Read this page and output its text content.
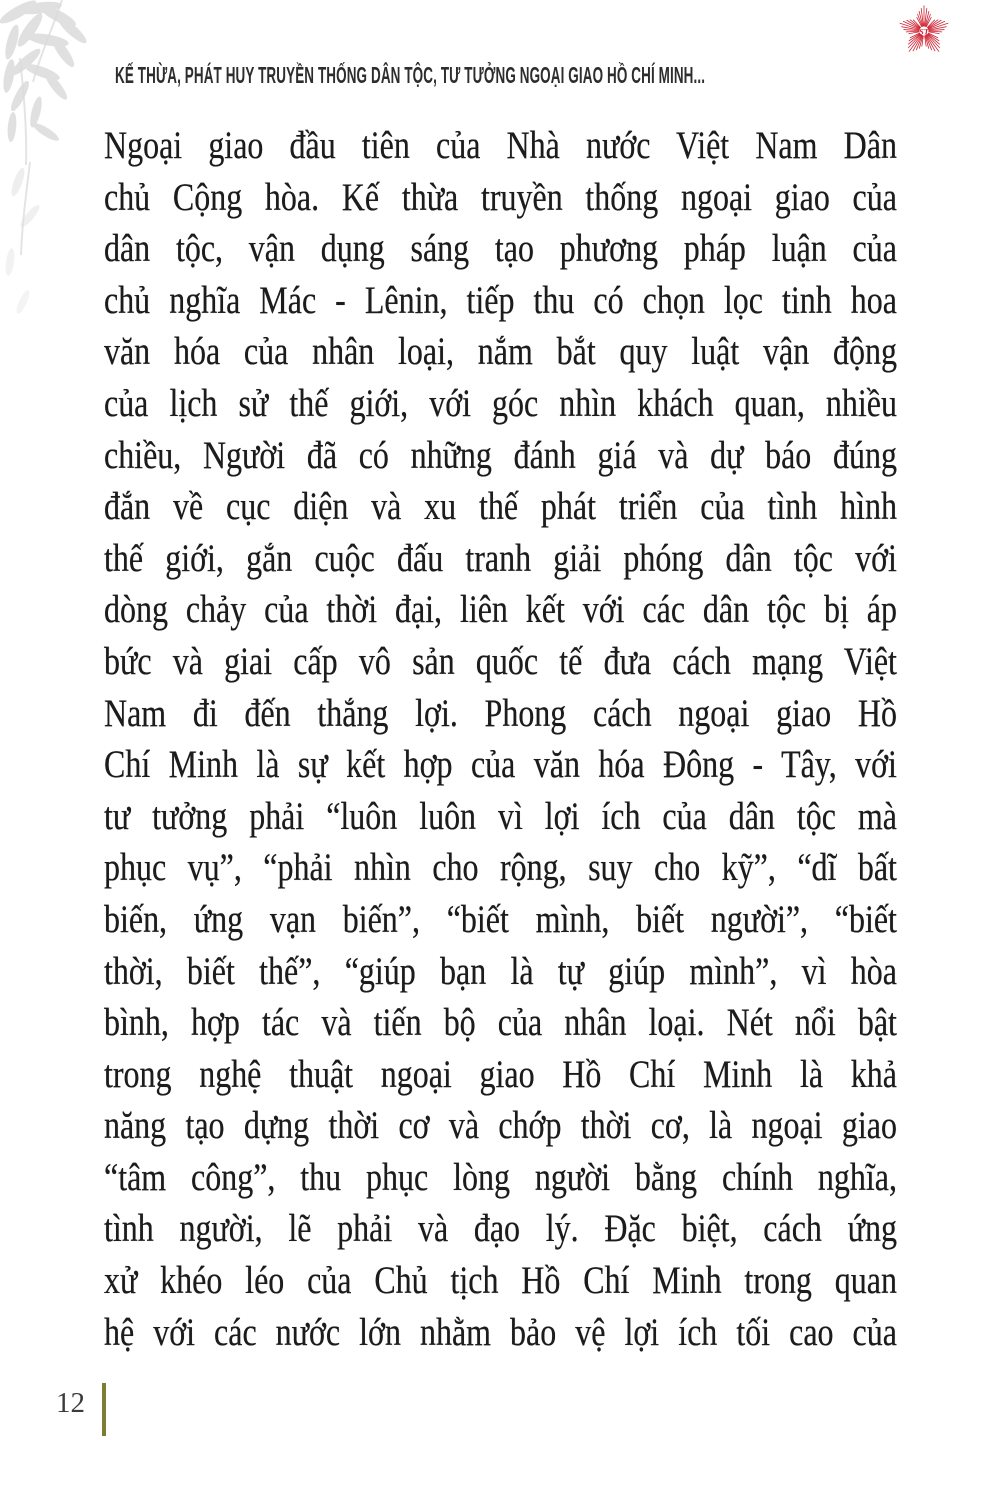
ST
KẾ THỪA, PHÁT HUY TRUYỀN THỐNG DÂN TỘC, TƯ TƯỞNG NGOẠI GIAO HỒ CHÍ MINH...
Ngoại giao đầu tiên của Nhà nước Việt Nam Dân
chủ Cộng hòa. Kế thừa truyền thống ngoại giao của
dân tộc, vận dụng sáng tạo phương pháp luận của
chủ nghĩa Mác - Lênin, tiếp thu có chọn lọc tinh hoa
văn hóa của nhân loại, nắm bắt quy luật vận động
của lịch sử thế giới, với góc nhìn khách quan, nhiều
chiều, Người đã có những đánh giá và dự báo đúng
đắn về cục diện và xu thế phát triển của tình hình
thế giới, gắn cuộc đấu tranh giải phóng dân tộc với
dòng chảy của thời đại, liên kết với các dân tộc bị áp
bức và giai cấp vô sản quốc tế đưa cách mạng Việt
Nam đi đến thắng lợi. Phong cách ngoại giao Hồ
Chí Minh là sự kết hợp của văn hóa Đông - Tây, với
tư tưởng phải “luôn luôn vì lợi ích của dân tộc mà
phục vụ”, “phải nhìn cho rộng, suy cho kỹ”, “dĩ bất
biến, ứng vạn biến”, “biết mình, biết người”, “biết
thời, biết thế”, “giúp bạn là tự giúp mình”, vì hòa
bình, hợp tác và tiến bộ của nhân loại. Nét nổi bật
trong nghệ thuật ngoại giao Hồ Chí Minh là khả
năng tạo dựng thời cơ và chớp thời cơ, là ngoại giao
“tâm công”, thu phục lòng người bằng chính nghĩa,
tình người, lẽ phải và đạo lý. Đặc biệt, cách ứng
xử khéo léo của Chủ tịch Hồ Chí Minh trong quan
hệ với các nước lớn nhằm bảo vệ lợi ích tối cao của
12
